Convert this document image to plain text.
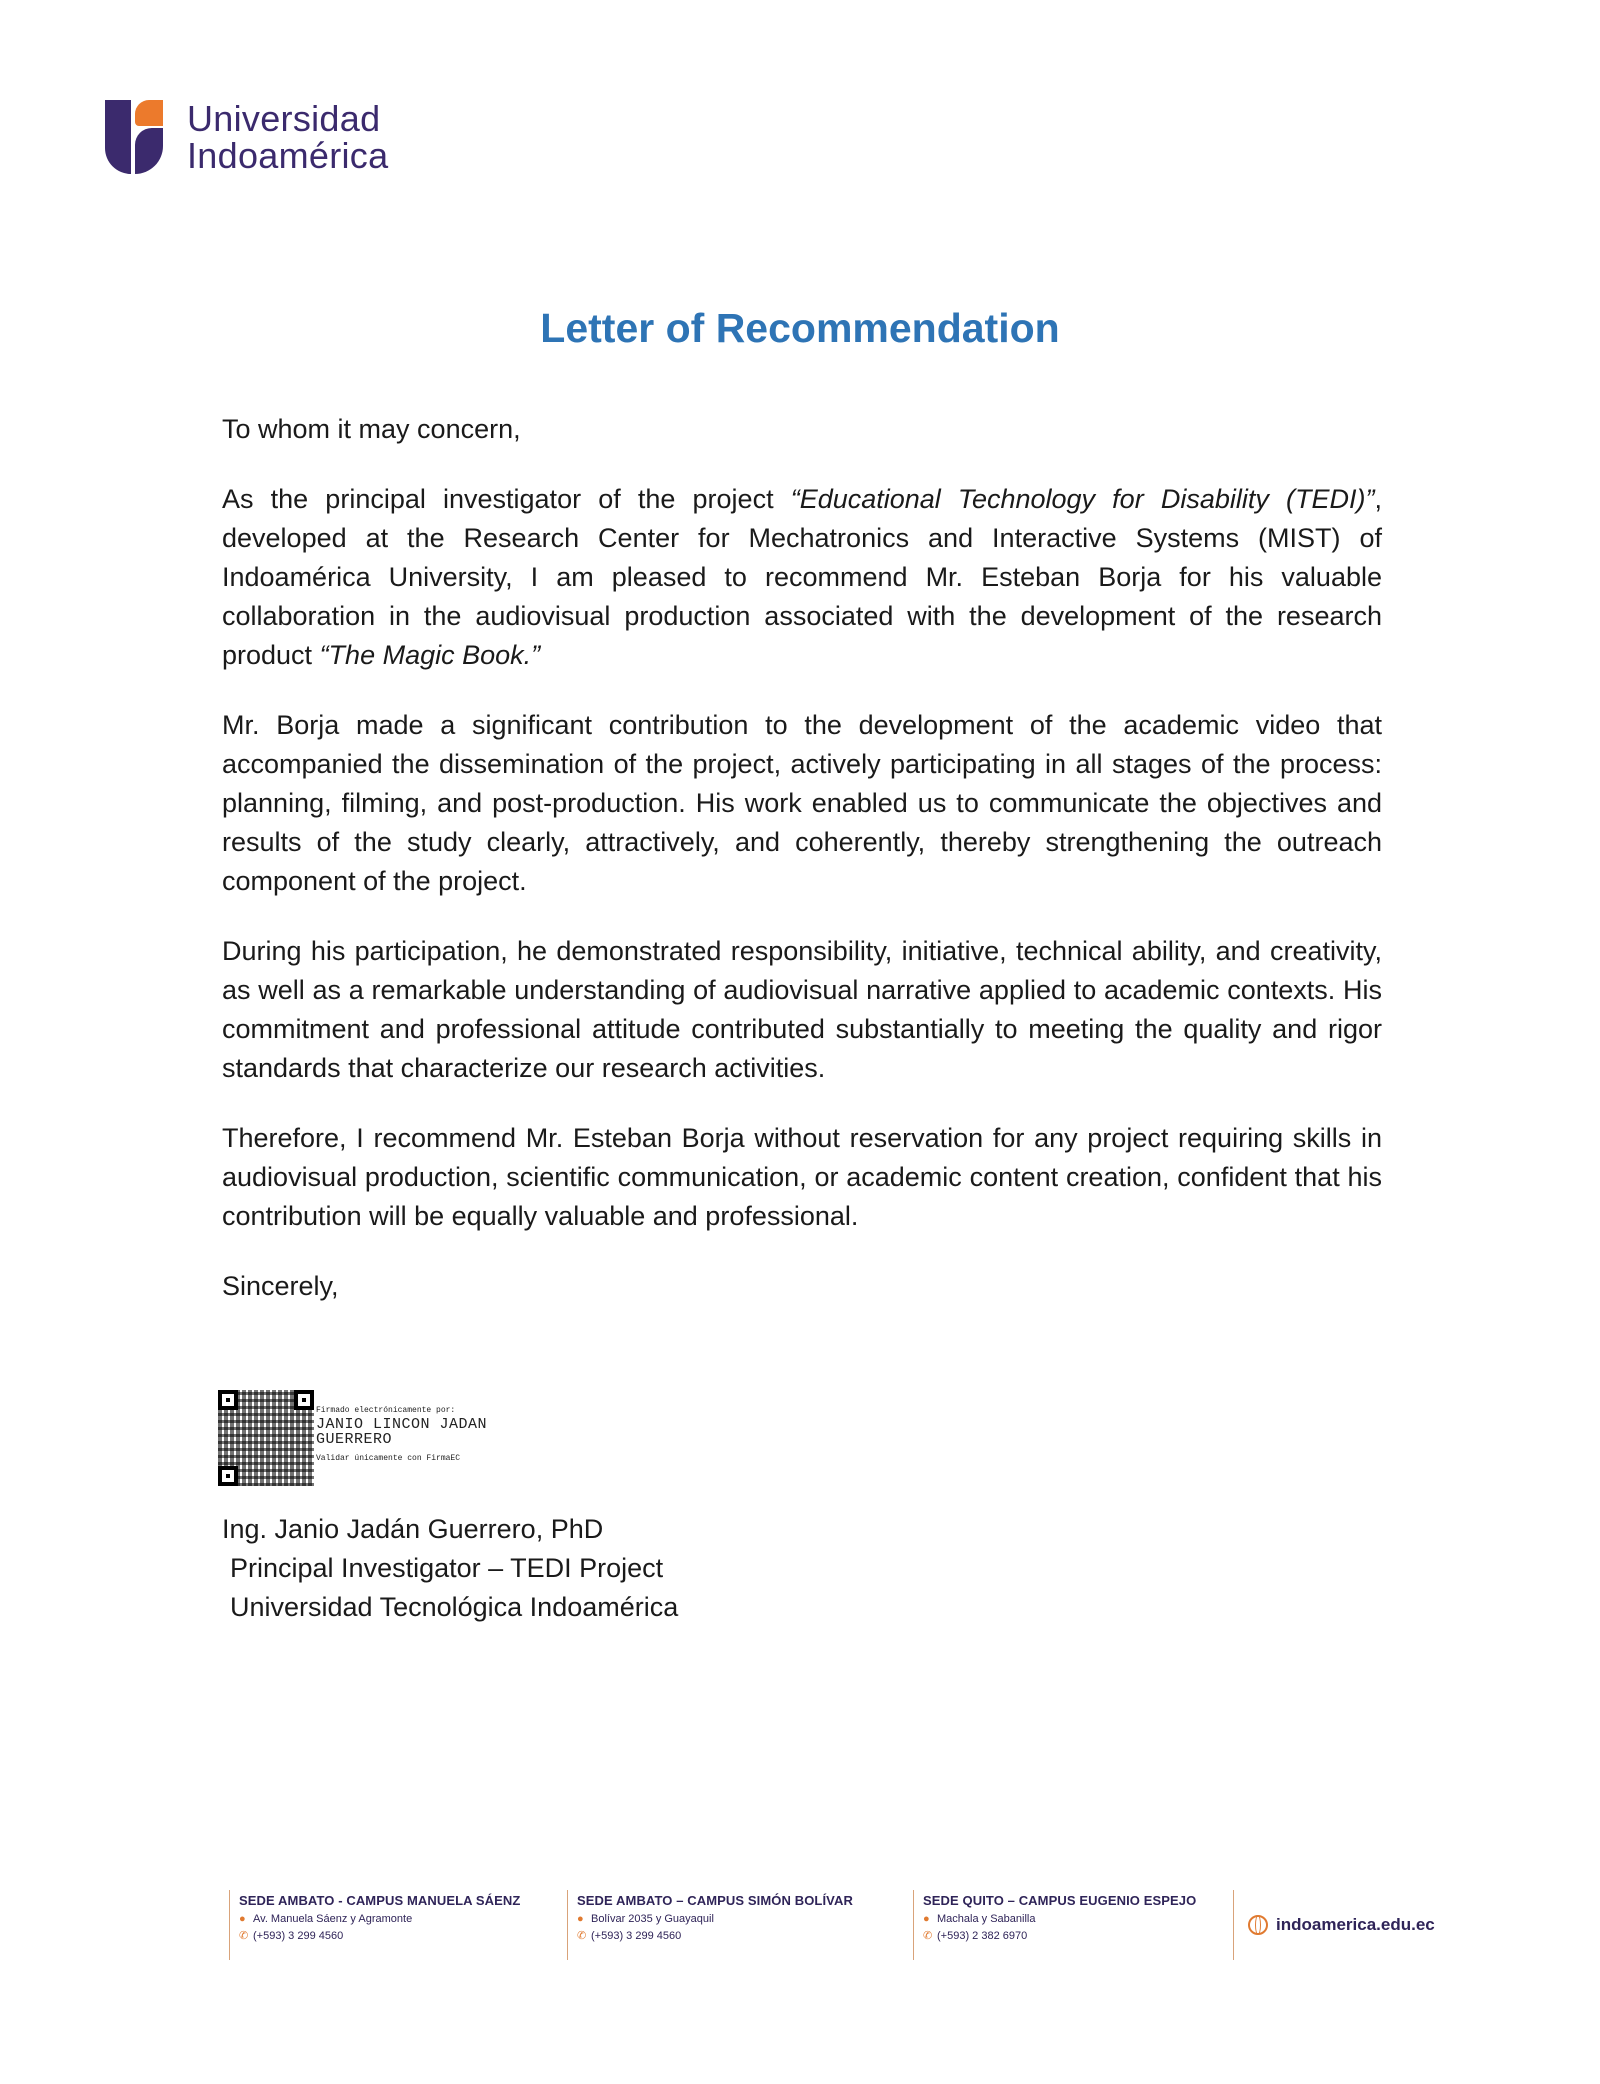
Universidad
Indoamérica
Letter of Recommendation

To whom it may concern,

As the principal investigator of the project “Educational Technology for Disability (TEDI)”, developed at the Research Center for Mechatronics and Interactive Systems (MIST) of Indoamérica University, I am pleased to recommend Mr. Esteban Borja for his valuable collaboration in the audiovisual production associated with the development of the research product “The Magic Book.”

Mr. Borja made a significant contribution to the development of the academic video that accompanied the dissemination of the project, actively participating in all stages of the process: planning, filming, and post-production. His work enabled us to communicate the objectives and results of the study clearly, attractively, and coherently, thereby strengthening the outreach component of the project.

During his participation, he demonstrated responsibility, initiative, technical ability, and creativity, as well as a remarkable understanding of audiovisual narrative applied to academic contexts. His commitment and professional attitude contributed substantially to meeting the quality and rigor standards that characterize our research activities.

Therefore, I recommend Mr. Esteban Borja without reservation for any project requiring skills in audiovisual production, scientific communication, or academic content creation, confident that his contribution will be equally valuable and professional.

Sincerely,

Firmado electrónicamente por:
JANIO LINCON JADAN
GUERRERO
Validar únicamente con FirmaEC
Ing. Janio Jadán Guerrero, PhD
Principal Investigator – TEDI Project
Universidad Tecnológica Indoamérica
SEDE AMBATO - CAMPUS MANUELA SÁENZ
● Av. Manuela Sáenz y Agramonte
✆ (+593) 3 299 4560
SEDE AMBATO – CAMPUS SIMÓN BOLÍVAR
● Bolívar 2035 y Guayaquil
✆ (+593) 3 299 4560
SEDE QUITO – CAMPUS EUGENIO ESPEJO
● Machala y Sabanilla
✆ (+593) 2 382 6970
indoamerica.edu.ec
